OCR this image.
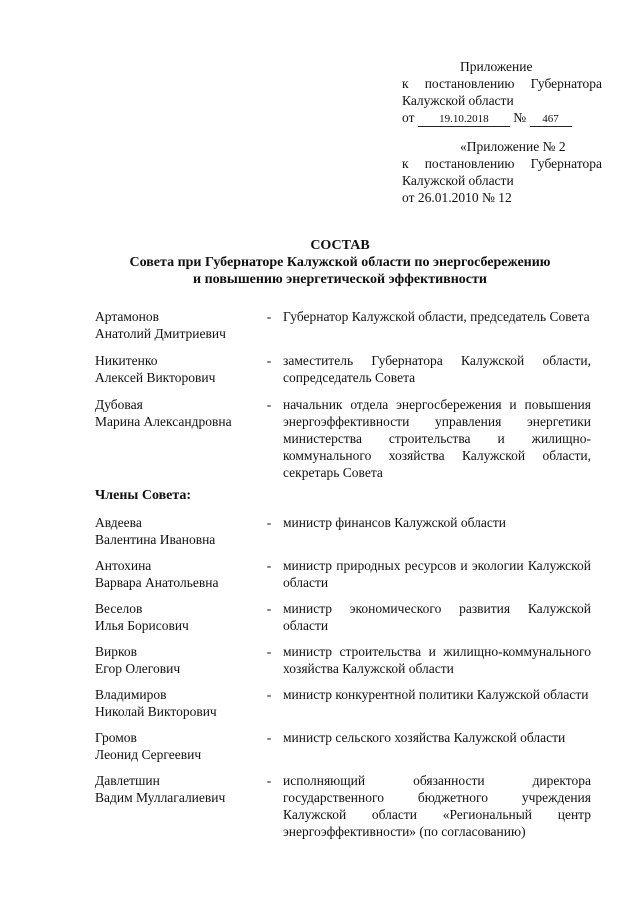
Приложение
к постановлению Губернатора
Калужской области
от 19.10.2018 № 467
«Приложение № 2
к постановлению Губернатора
Калужской области
от 26.01.2010 № 12
СОСТАВ
Совета при Губернаторе Калужской области по энергосбережению
и повышению энергетической эффективности
Артамонов
Анатолий Дмитриевич
- Губернатор Калужской области, председатель Совета
Никитенко
Алексей Викторович
- заместитель Губернатора Калужской области, сопредседатель Совета
Дубовая
Марина Александровна
- начальник отдела энергосбережения и повышения энергоэффективности управления энергетики министерства строительства и жилищно-коммунального хозяйства Калужской области, секретарь Совета
Члены Совета:
Авдеева
Валентина Ивановна
- министр финансов Калужской области
Антохина
Варвара Анатольевна
- министр природных ресурсов и экологии Калужской области
Веселов
Илья Борисович
- министр экономического развития Калужской области
Вирков
Егор Олегович
- министр строительства и жилищно-коммунального хозяйства Калужской области
Владимиров
Николай Викторович
- министр конкурентной политики Калужской области
Громов
Леонид Сергеевич
- министр сельского хозяйства Калужской области
Давлетшин
Вадим Муллагалиевич
- исполняющий обязанности директора государственного бюджетного учреждения Калужской области «Региональный центр энергоэффективности» (по согласованию)
